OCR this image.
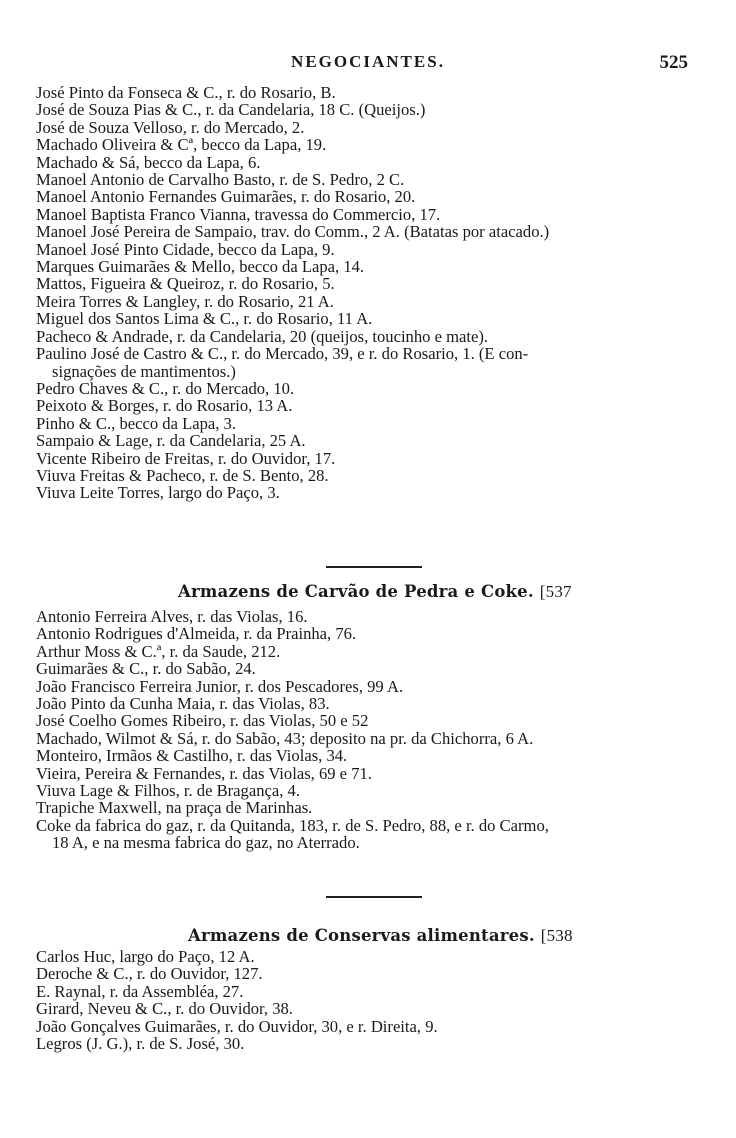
NEGOCIANTES.	525
José Pinto da Fonseca & C., r. do Rosario, B.
José de Souza Pias & C., r. da Candelaria, 18 C. (Queijos.)
José de Souza Velloso, r. do Mercado, 2.
Machado Oliveira & Cª, becco da Lapa, 19.
Machado & Sá, becco da Lapa, 6.
Manoel Antonio de Carvalho Basto, r. de S. Pedro, 2 C.
Manoel Antonio Fernandes Guimarães, r. do Rosario, 20.
Manoel Baptista Franco Vianna, travessa do Commercio, 17.
Manoel José Pereira de Sampaio, trav. do Comm., 2 A. (Batatas por atacado.)
Manoel José Pinto Cidade, becco da Lapa, 9.
Marques Guimarães & Mello, becco da Lapa, 14.
Mattos, Figueira & Queiroz, r. do Rosario, 5.
Meira Torres & Langley, r. do Rosario, 21 A.
Miguel dos Santos Lima & C., r. do Rosario, 11 A.
Pacheco & Andrade, r. da Candelaria, 20 (queijos, toucinho e mate).
Paulino José de Castro & C., r. do Mercado, 39, e r. do Rosario, 1. (E con-
signações de mantimentos.)
Pedro Chaves & C., r. do Mercado, 10.
Peixoto & Borges, r. do Rosario, 13 A.
Pinho & C., becco da Lapa, 3.
Sampaio & Lage, r. da Candelaria, 25 A.
Vicente Ribeiro de Freitas, r. do Ouvidor, 17.
Viuva Freitas & Pacheco, r. de S. Bento, 28.
Viuva Leite Torres, largo do Paço, 3.
Armazens de Carvão de Pedra e Coke. [537
Antonio Ferreira Alves, r. das Violas, 16.
Antonio Rodrigues d'Almeida, r. da Prainha, 76.
Arthur Moss & C.ª, r. da Saude, 212.
Guimarães & C., r. do Sabão, 24.
João Francisco Ferreira Junior, r. dos Pescadores, 99 A.
João Pinto da Cunha Maia, r. das Violas, 83.
José Coelho Gomes Ribeiro, r. das Violas, 50 e 52
Machado, Wilmot & Sá, r. do Sabão, 43; deposito na pr. da Chichorra, 6 A.
Monteiro, Irmãos & Castilho, r. das Violas, 34.
Vieira, Pereira & Fernandes, r. das Violas, 69 e 71.
Viuva Lage & Filhos, r. de Bragança, 4.
Trapiche Maxwell, na praça de Marinhas.
Coke da fabrica do gaz, r. da Quitanda, 183, r. de S. Pedro, 88, e r. do Carmo,
18 A, e na mesma fabrica do gaz, no Aterrado.
Armazens de Conservas alimentares. [538
Carlos Huc, largo do Paço, 12 A.
Deroche & C., r. do Ouvidor, 127.
E. Raynal, r. da Assembléa, 27.
Girard, Neveu & C., r. do Ouvidor, 38.
João Gonçalves Guimarães, r. do Ouvidor, 30, e r. Direita, 9.
Legros (J. G.), r. de S. José, 30.
